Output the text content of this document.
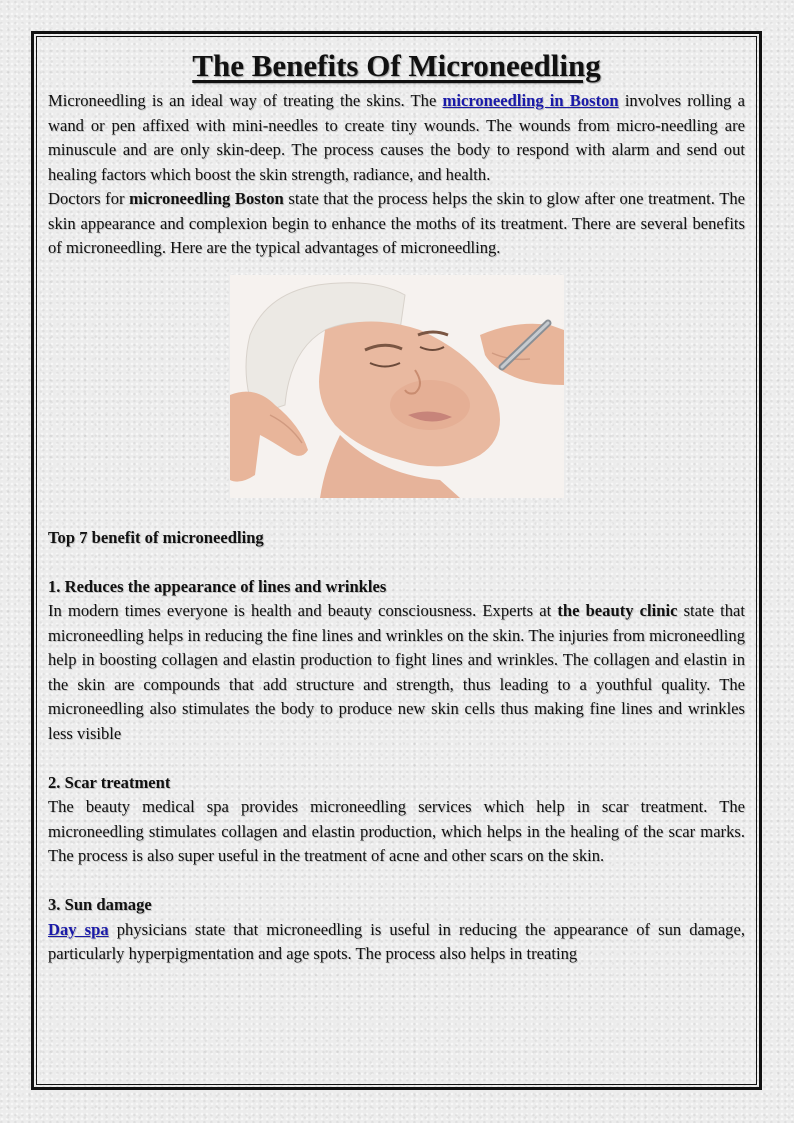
The Benefits Of Microneedling

Microneedling is an ideal way of treating the skins. The microneedling in Boston involves rolling a wand or pen affixed with mini-needles to create tiny wounds. The wounds from micro-needling are minuscule and are only skin-deep. The process causes the body to respond with alarm and send out healing factors which boost the skin strength, radiance, and health.

Doctors for microneedling Boston state that the process helps the skin to glow after one treatment. The skin appearance and complexion begin to enhance the moths of its treatment. There are several benefits of microneedling. Here are the typical advantages of microneedling.

Top 7 benefit of microneedling

1. Reduces the appearance of lines and wrinkles

In modern times everyone is health and beauty consciousness. Experts at the beauty clinic state that microneedling helps in reducing the fine lines and wrinkles on the skin. The injuries from microneedling help in boosting collagen and elastin production to fight lines and wrinkles. The collagen and elastin in the skin are compounds that add structure and strength, thus leading to a youthful quality. The microneedling also stimulates the body to produce new skin cells thus making fine lines and wrinkles less visible

2. Scar treatment

The beauty medical spa provides microneedling services which help in scar treatment. The microneedling stimulates collagen and elastin production, which helps in the healing of the scar marks. The process is also super useful in the treatment of acne and other scars on the skin.

3. Sun damage

Day spa physicians state that microneedling is useful in reducing the appearance of sun damage, particularly hyperpigmentation and age spots. The process also helps in treating
